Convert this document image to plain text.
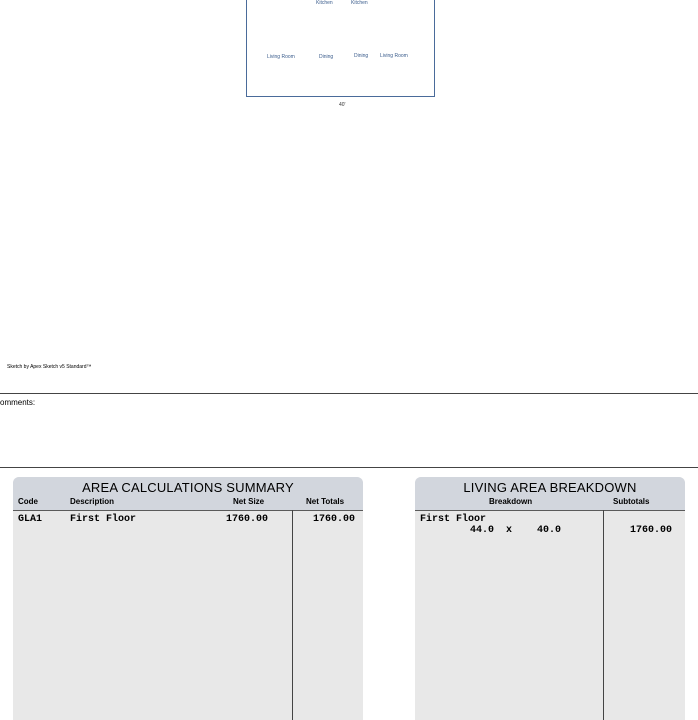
Kitchen	Kitchen
Living Room	Dining	Dining Living Room
40'
Sketch by Apex Sketch v5 Standard™
omments:
AREA CALCULATIONS SUMMARY
Code	Description	Net Size	Net Totals
GLA1	First Floor	1760.00	1760.00
LIVING AREA BREAKDOWN
Breakdown	Subtotals
First Floor
44.0 x 40.0	1760.00
